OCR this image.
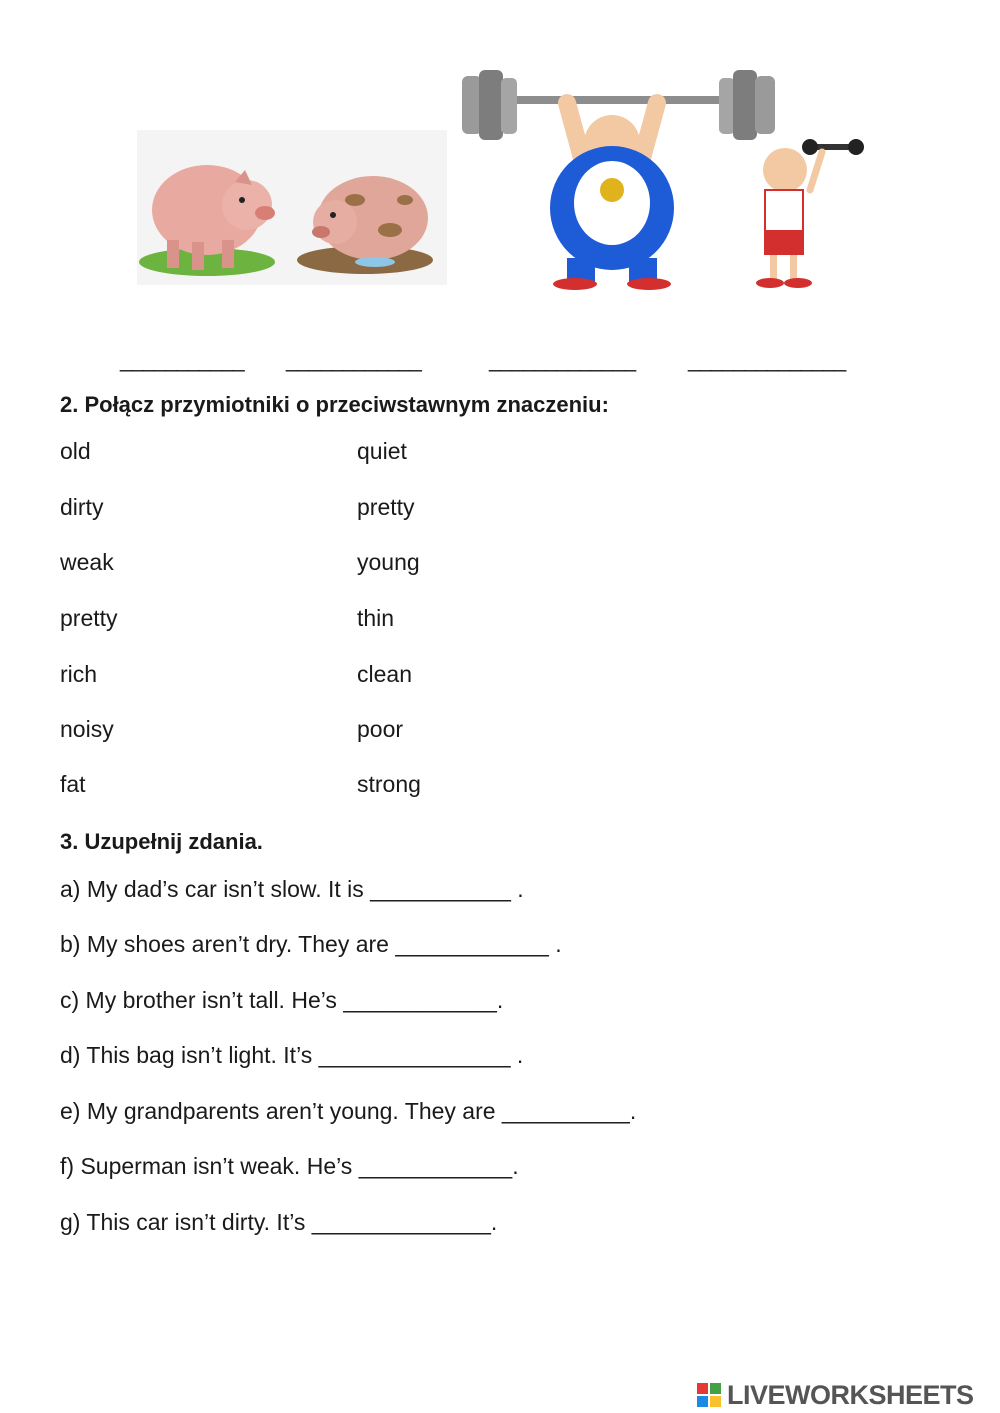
___________ ____________	_____________ ______________
2. Połącz przymiotniki o przeciwstawnym znaczeniu:
old
dirty
weak
pretty
rich
noisy
fat
quiet
pretty
young
thin
clean
poor
strong
3. Uzupełnij zdania.
a) My dad’s car isn’t slow. It is ___________ .
b) My shoes aren’t dry. They are ____________ .
c) My brother isn’t tall. He’s ____________.
d) This bag isn’t light. It’s _______________ .
e) My grandparents aren’t young. They are __________.
f) Superman isn’t weak. He’s ____________.
g) This car isn’t dirty. It’s ______________.
LIVEWORKSHEETS
